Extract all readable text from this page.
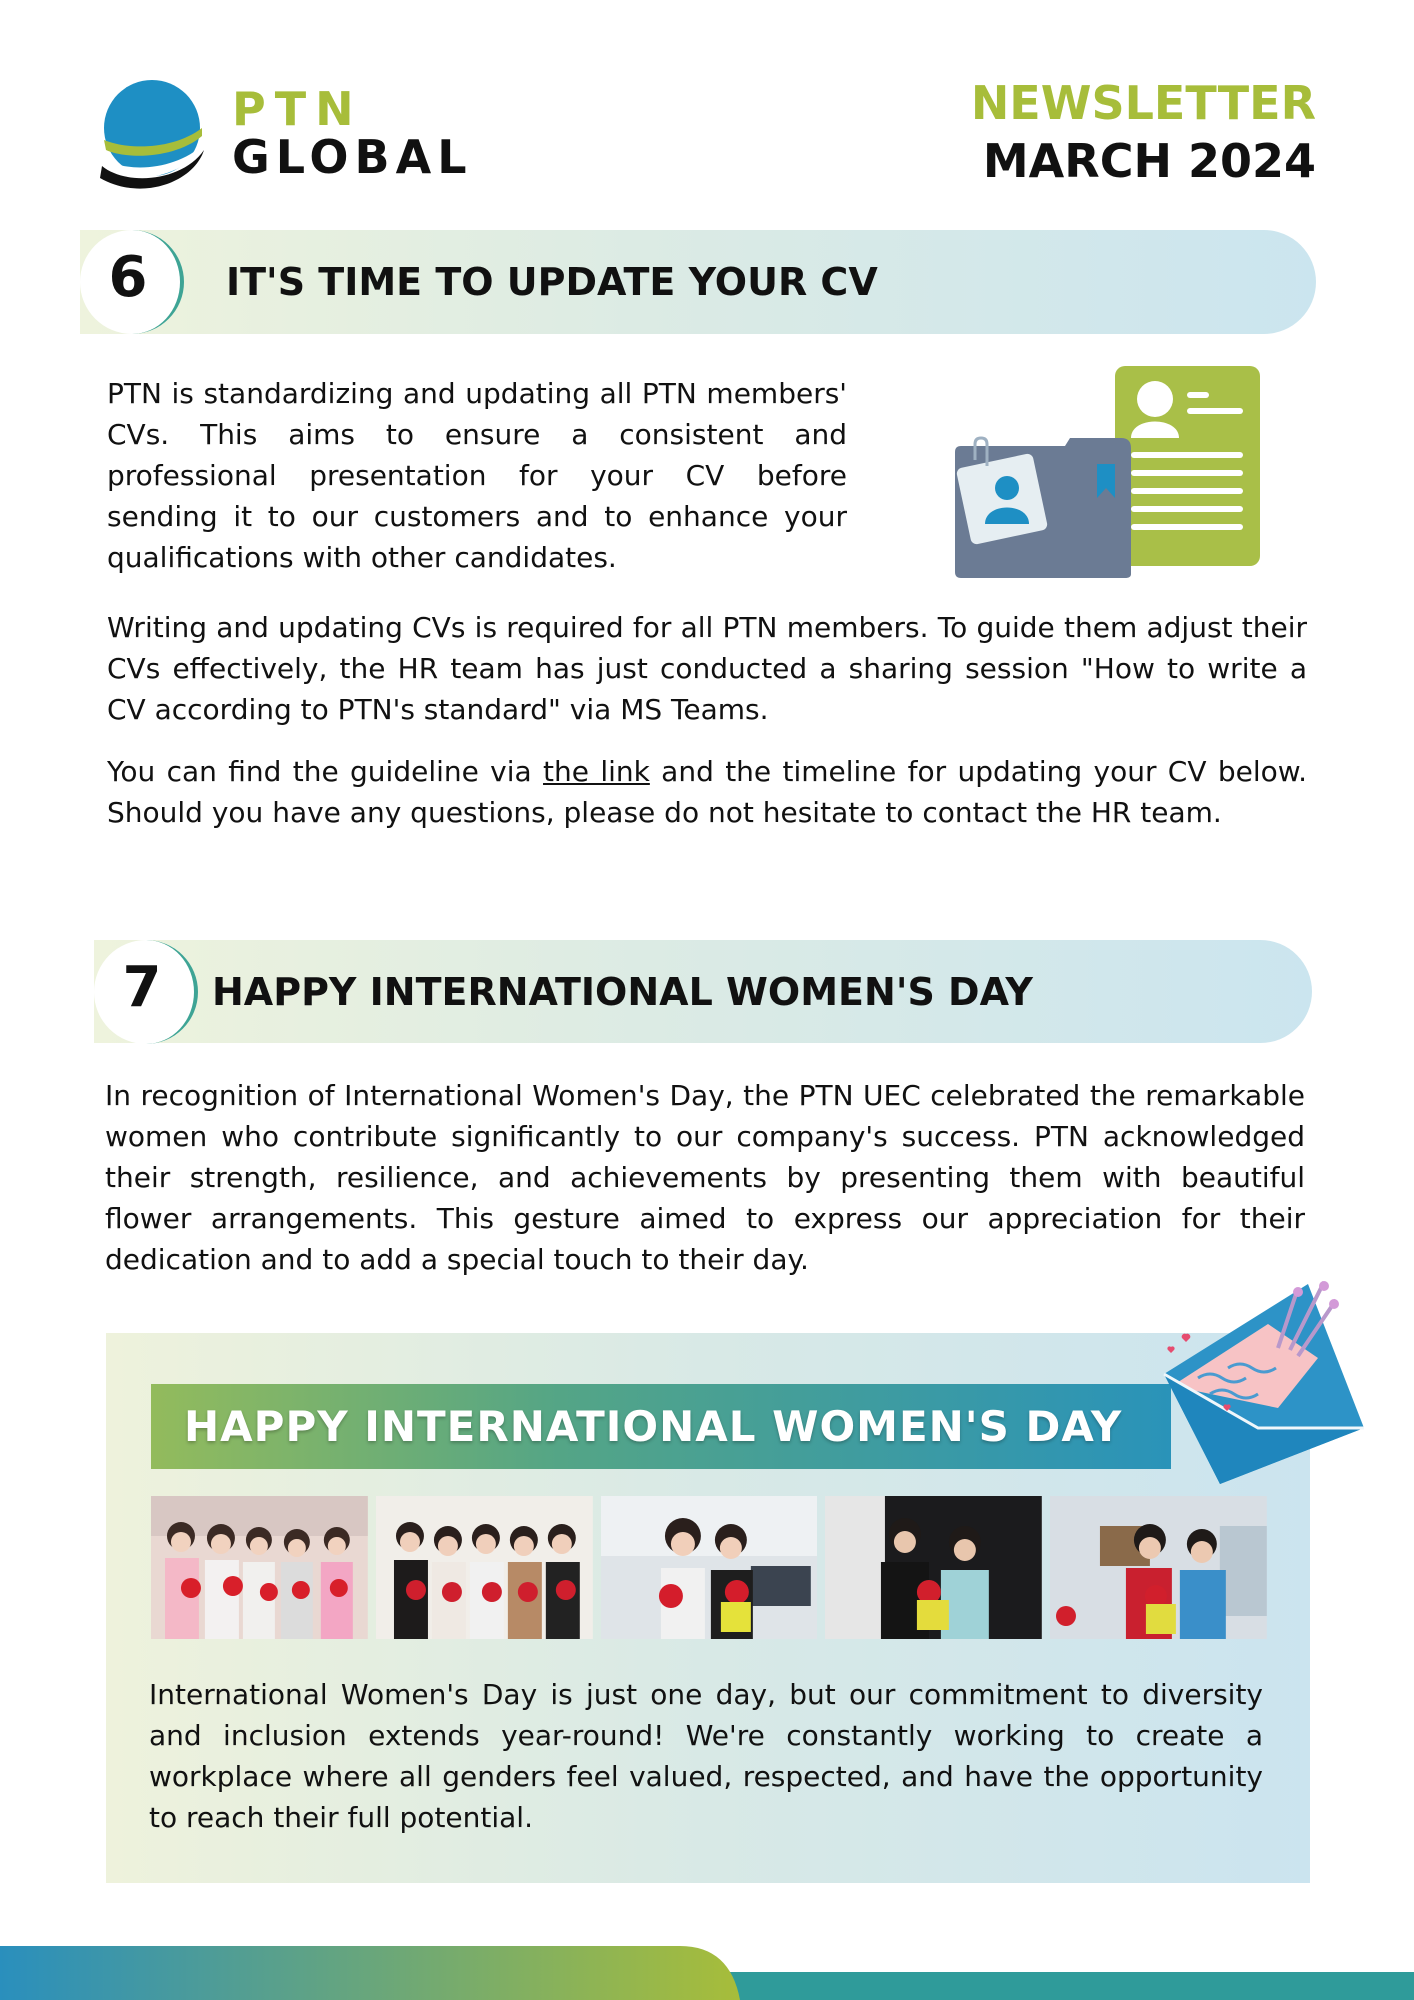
PTN
GLOBAL
NEWSLETTER
MARCH 2024
6	IT'S TIME TO UPDATE YOUR CV

PTN is standardizing and updating all PTN members' CVs. This aims to ensure a consistent and professional presentation for your CV before sending it to our customers and to enhance your qualifications with other candidates.

Writing and updating CVs is required for all PTN members. To guide them adjust their CVs effectively, the HR team has just conducted a sharing session "How to write a CV according to PTN's standard" via MS Teams.

You can find the guideline via the link and the timeline for updating your CV below. Should you have any questions, please do not hesitate to contact the HR team.

7	HAPPY INTERNATIONAL WOMEN'S DAY

In recognition of International Women's Day, the PTN UEC celebrated the remarkable women who contribute significantly to our company's success. PTN acknowledged their strength, resilience, and achievements by presenting them with beautiful flower arrangements. This gesture aimed to express our appreciation for their dedication and to add a special touch to their day.

HAPPY INTERNATIONAL WOMEN'S DAY

International Women's Day is just one day, but our commitment to diversity and inclusion extends year-round! We're constantly working to create a workplace where all genders feel valued, respected, and have the opportunity to reach their full potential.
